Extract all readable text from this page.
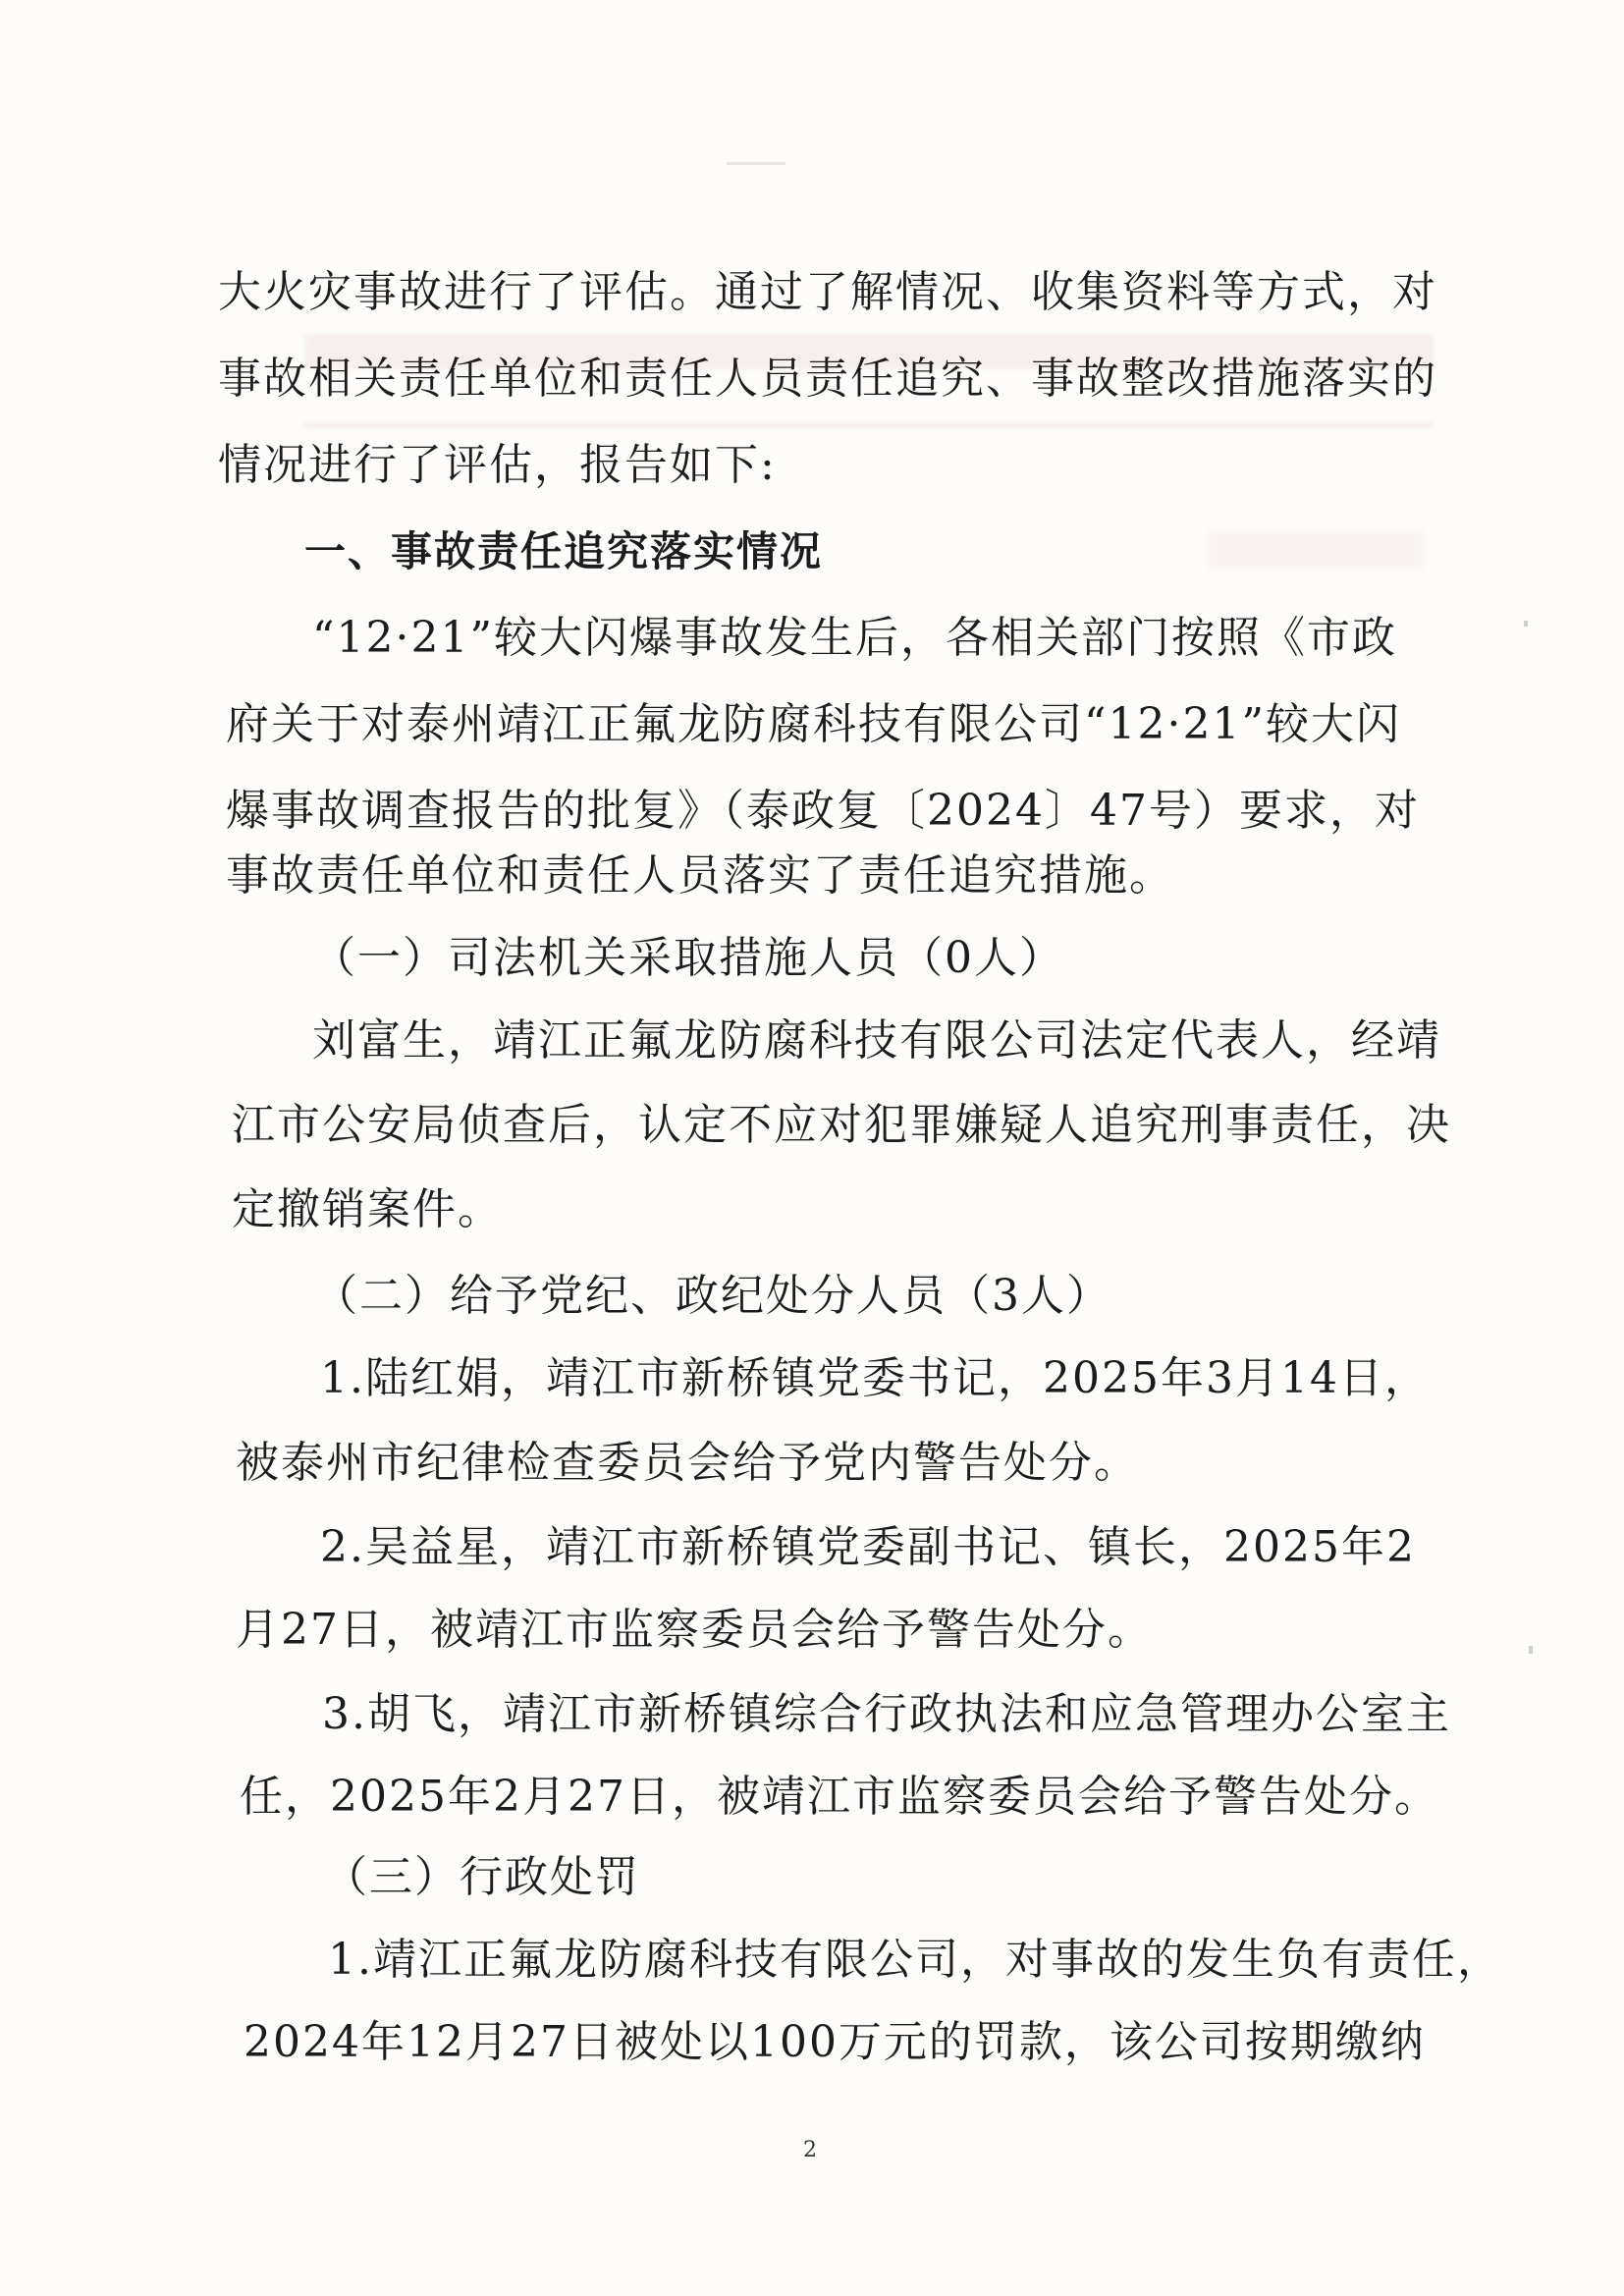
大火灾事故进行了评估。通过了解情况、收集资料等方式，对
事故相关责任单位和责任人员责任追究、事故整改措施落实的
情况进行了评估，报告如下:
一、事故责任追究落实情况
“12·21”较大闪爆事故发生后，各相关部门按照《市政
府关于对泰州靖江正氟龙防腐科技有限公司“12·21”较大闪
爆事故调查报告的批复》（泰政复〔2024〕47号）要求，对
事故责任单位和责任人员落实了责任追究措施。
（一）司法机关采取措施人员（0人）
刘富生，靖江正氟龙防腐科技有限公司法定代表人，经靖
江市公安局侦查后，认定不应对犯罪嫌疑人追究刑事责任，决
定撤销案件。
（二）给予党纪、政纪处分人员（3人）
1.陆红娟，靖江市新桥镇党委书记，2025年3月14日，
被泰州市纪律检查委员会给予党内警告处分。
2.吴益星，靖江市新桥镇党委副书记、镇长，2025年2
月27日，被靖江市监察委员会给予警告处分。
3.胡飞，靖江市新桥镇综合行政执法和应急管理办公室主
任，2025年2月27日，被靖江市监察委员会给予警告处分。
（三）行政处罚
1.靖江正氟龙防腐科技有限公司，对事故的发生负有责任，
2024年12月27日被处以100万元的罚款，该公司按期缴纳
2
